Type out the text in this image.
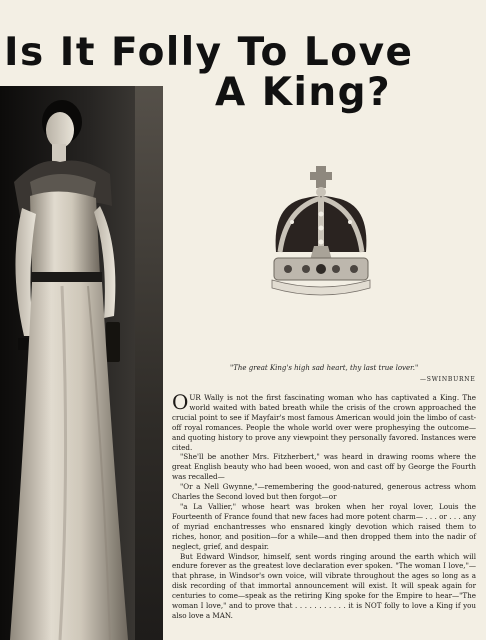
Is It Folly To Love
A King?
"The great King's high sad heart, thy last true lover."
—SWINBURNE

OUR Wally is not the first fascinating woman who has captivated a King. The world waited with bated breath while the crisis of the crown approached the crucial point to see if Mayfair's most famous American would join the limbo of cast-off royal romances. People the whole world over were prophesying the outcome—and quoting history to prove any viewpoint they personally favored. Instances were cited.

"She'll be another Mrs. Fitzherbert," was heard in drawing rooms where the great English beauty who had been wooed, won and cast off by George the Fourth was recalled—

"Or a Nell Gwynne,"—remembering the good-natured, generous actress whom Charles the Second loved but then forgot—or

"a La Vallier," whose heart was broken when her royal lover, Louis the Fourteenth of France found that new faces had more potent charm— . . . or . . . any of myriad enchantresses who ensnared kingly devotion which raised them to riches, honor, and position—for a while—and then dropped them into the nadir of neglect, grief, and despair.

But Edward Windsor, himself, sent words ringing around the earth which will endure forever as the greatest love declaration ever spoken. "The woman I love,"—that phrase, in Windsor's own voice, will vibrate throughout the ages so long as a disk recording of that immortal announcement will exist. It will speak again for centuries to come—speak as the retiring King spoke for the Empire to hear—"The woman I love," and to prove that . . . . . . . . . . . it is NOT folly to love a King if you also love a MAN.
